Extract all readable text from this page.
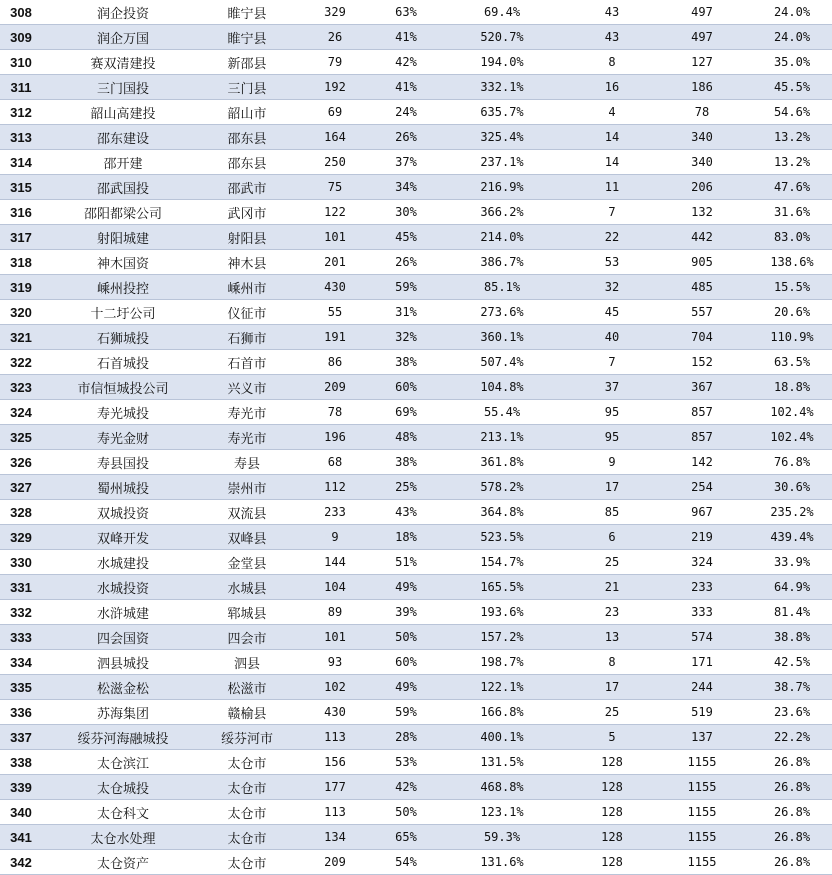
308	润企投资	睢宁县	329	63%	69.4%	43	497	24.0%
309	润企万国	睢宁县	26	41%	520.7%	43	497	24.0%
310	赛双清建投	新邵县	79	42%	194.0%	8	127	35.0%
311	三门国投	三门县	192	41%	332.1%	16	186	45.5%
312	韶山高建投	韶山市	69	24%	635.7%	4	78	54.6%
313	邵东建设	邵东县	164	26%	325.4%	14	340	13.2%
314	邵开建	邵东县	250	37%	237.1%	14	340	13.2%
315	邵武国投	邵武市	75	34%	216.9%	11	206	47.6%
316	邵阳都梁公司	武冈市	122	30%	366.2%	7	132	31.6%
317	射阳城建	射阳县	101	45%	214.0%	22	442	83.0%
318	神木国资	神木县	201	26%	386.7%	53	905	138.6%
319	嵊州投控	嵊州市	430	59%	85.1%	32	485	15.5%
320	十二圩公司	仪征市	55	31%	273.6%	45	557	20.6%
321	石狮城投	石狮市	191	32%	360.1%	40	704	110.9%
322	石首城投	石首市	86	38%	507.4%	7	152	63.5%
323	市信恒城投公司	兴义市	209	60%	104.8%	37	367	18.8%
324	寿光城投	寿光市	78	69%	55.4%	95	857	102.4%
325	寿光金财	寿光市	196	48%	213.1%	95	857	102.4%
326	寿县国投	寿县	68	38%	361.8%	9	142	76.8%
327	蜀州城投	崇州市	112	25%	578.2%	17	254	30.6%
328	双城投资	双流县	233	43%	364.8%	85	967	235.2%
329	双峰开发	双峰县	9	18%	523.5%	6	219	439.4%
330	水城建投	金堂县	144	51%	154.7%	25	324	33.9%
331	水城投资	水城县	104	49%	165.5%	21	233	64.9%
332	水浒城建	郓城县	89	39%	193.6%	23	333	81.4%
333	四会国资	四会市	101	50%	157.2%	13	574	38.8%
334	泗县城投	泗县	93	60%	198.7%	8	171	42.5%
335	松滋金松	松滋市	102	49%	122.1%	17	244	38.7%
336	苏海集团	赣榆县	430	59%	166.8%	25	519	23.6%
337	绥芬河海融城投	绥芬河市	113	28%	400.1%	5	137	22.2%
338	太仓滨江	太仓市	156	53%	131.5%	128	1155	26.8%
339	太仓城投	太仓市	177	42%	468.8%	128	1155	26.8%
340	太仓科文	太仓市	113	50%	123.1%	128	1155	26.8%
341	太仓水处理	太仓市	134	65%	59.3%	128	1155	26.8%
342	太仓资产	太仓市	209	54%	131.6%	128	1155	26.8%
